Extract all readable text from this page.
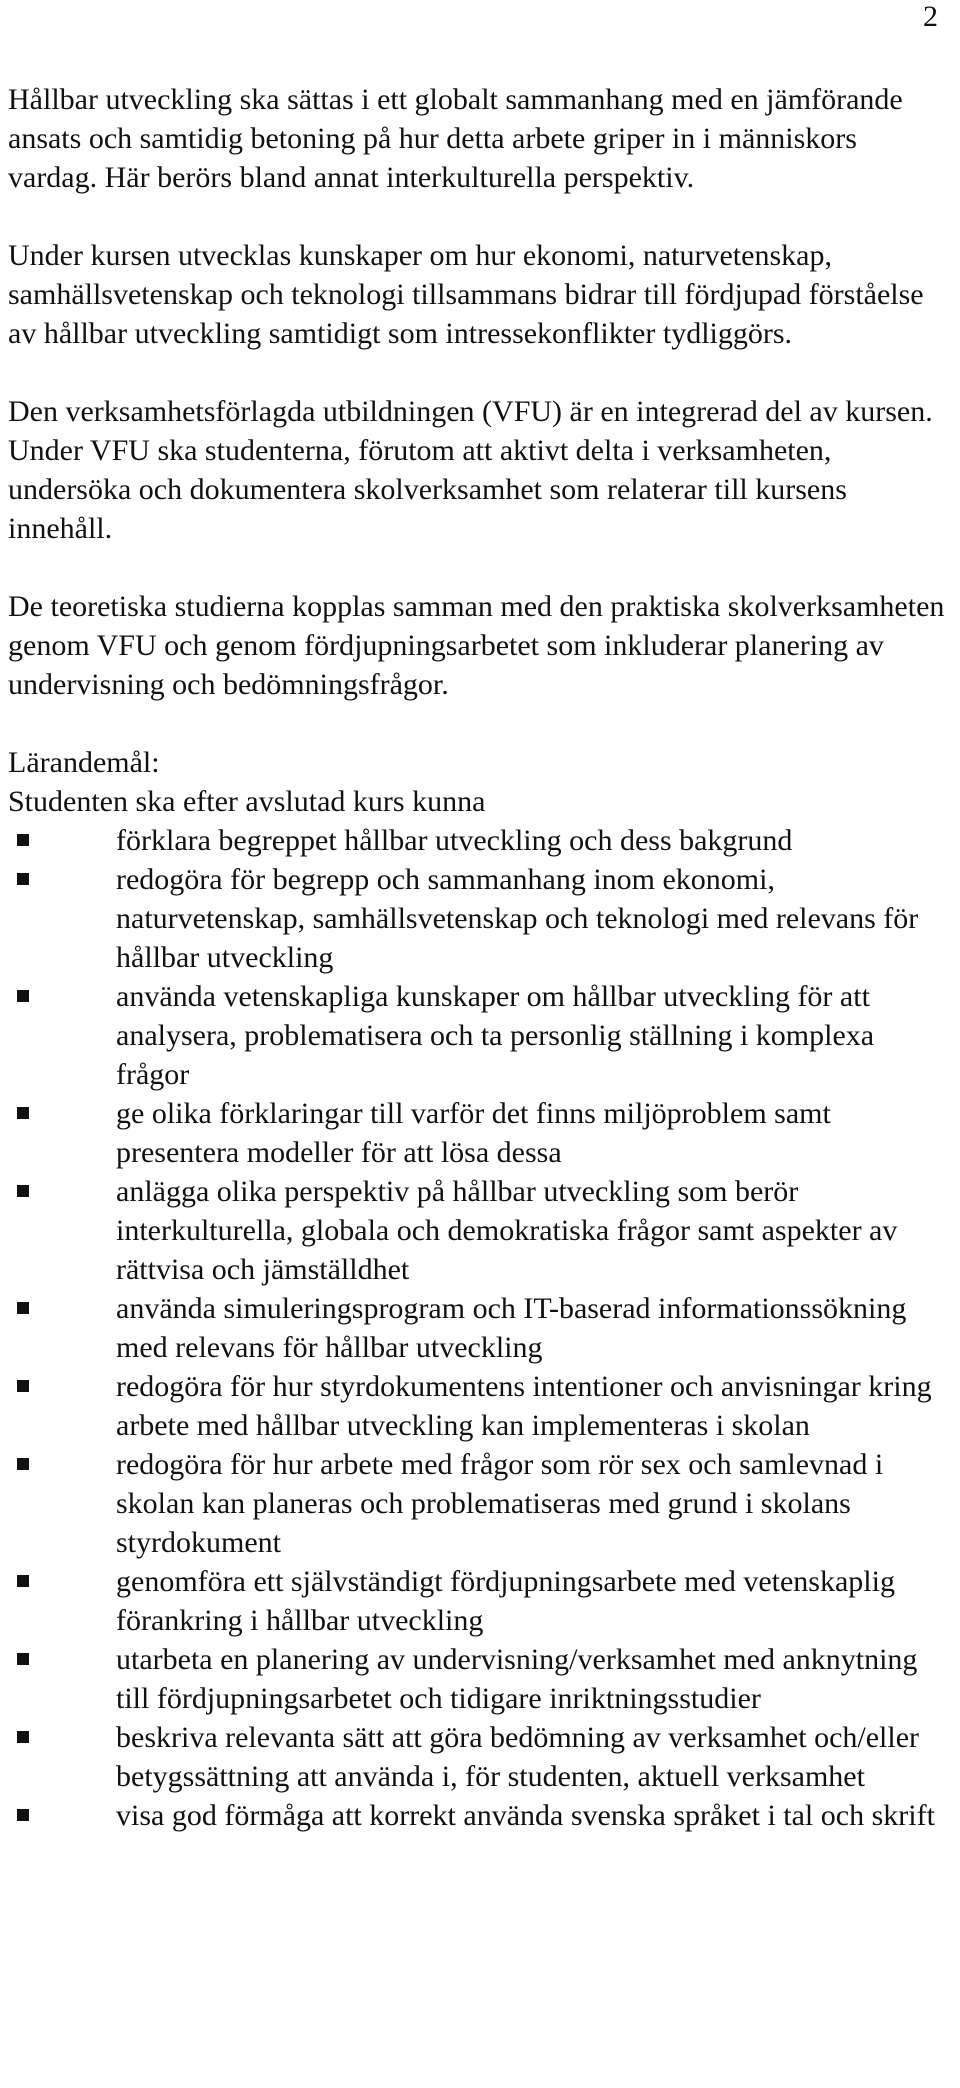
2

Hållbar utveckling ska sättas i ett globalt sammanhang med en jämförande ansats och samtidig betoning på hur detta arbete griper in i människors vardag. Här berörs bland annat interkulturella perspektiv.

Under kursen utvecklas kunskaper om hur ekonomi, naturvetenskap, samhällsvetenskap och teknologi tillsammans bidrar till fördjupad förståelse av hållbar utveckling samtidigt som intressekonflikter tydliggörs.

Den verksamhetsförlagda utbildningen (VFU) är en integrerad del av kursen. Under VFU ska studenterna, förutom att aktivt delta i verksamheten, undersöka och dokumentera skolverksamhet som relaterar till kursens innehåll.

De teoretiska studierna kopplas samman med den praktiska skolverksamheten genom VFU och genom fördjupningsarbetet som inkluderar planering av undervisning och bedömningsfrågor.

Lärandemål:
Studenten ska efter avslutad kurs kunna
förklara begreppet hållbar utveckling och dess bakgrund
redogöra för begrepp och sammanhang inom ekonomi, naturvetenskap, samhällsvetenskap och teknologi med relevans för hållbar utveckling
använda vetenskapliga kunskaper om hållbar utveckling för att analysera, problematisera och ta personlig ställning i komplexa frågor
ge olika förklaringar till varför det finns miljöproblem samt presentera modeller för att lösa dessa
anlägga olika perspektiv på hållbar utveckling som berör interkulturella, globala och demokratiska frågor samt aspekter av rättvisa och jämställdhet
använda simuleringsprogram och IT-baserad informationssökning med relevans för hållbar utveckling
redogöra för hur styrdokumentens intentioner och anvisningar kring arbete med hållbar utveckling kan implementeras i skolan
redogöra för hur arbete med frågor som rör sex och samlevnad i skolan kan planeras och problematiseras med grund i skolans styrdokument
genomföra ett självständigt fördjupningsarbete med vetenskaplig förankring i hållbar utveckling
utarbeta en planering av undervisning/verksamhet med anknytning till fördjupningsarbetet och tidigare inriktningsstudier
beskriva relevanta sätt att göra bedömning av verksamhet och/eller betygssättning att använda i, för studenten, aktuell verksamhet
visa god förmåga att korrekt använda svenska språket i tal och skrift
